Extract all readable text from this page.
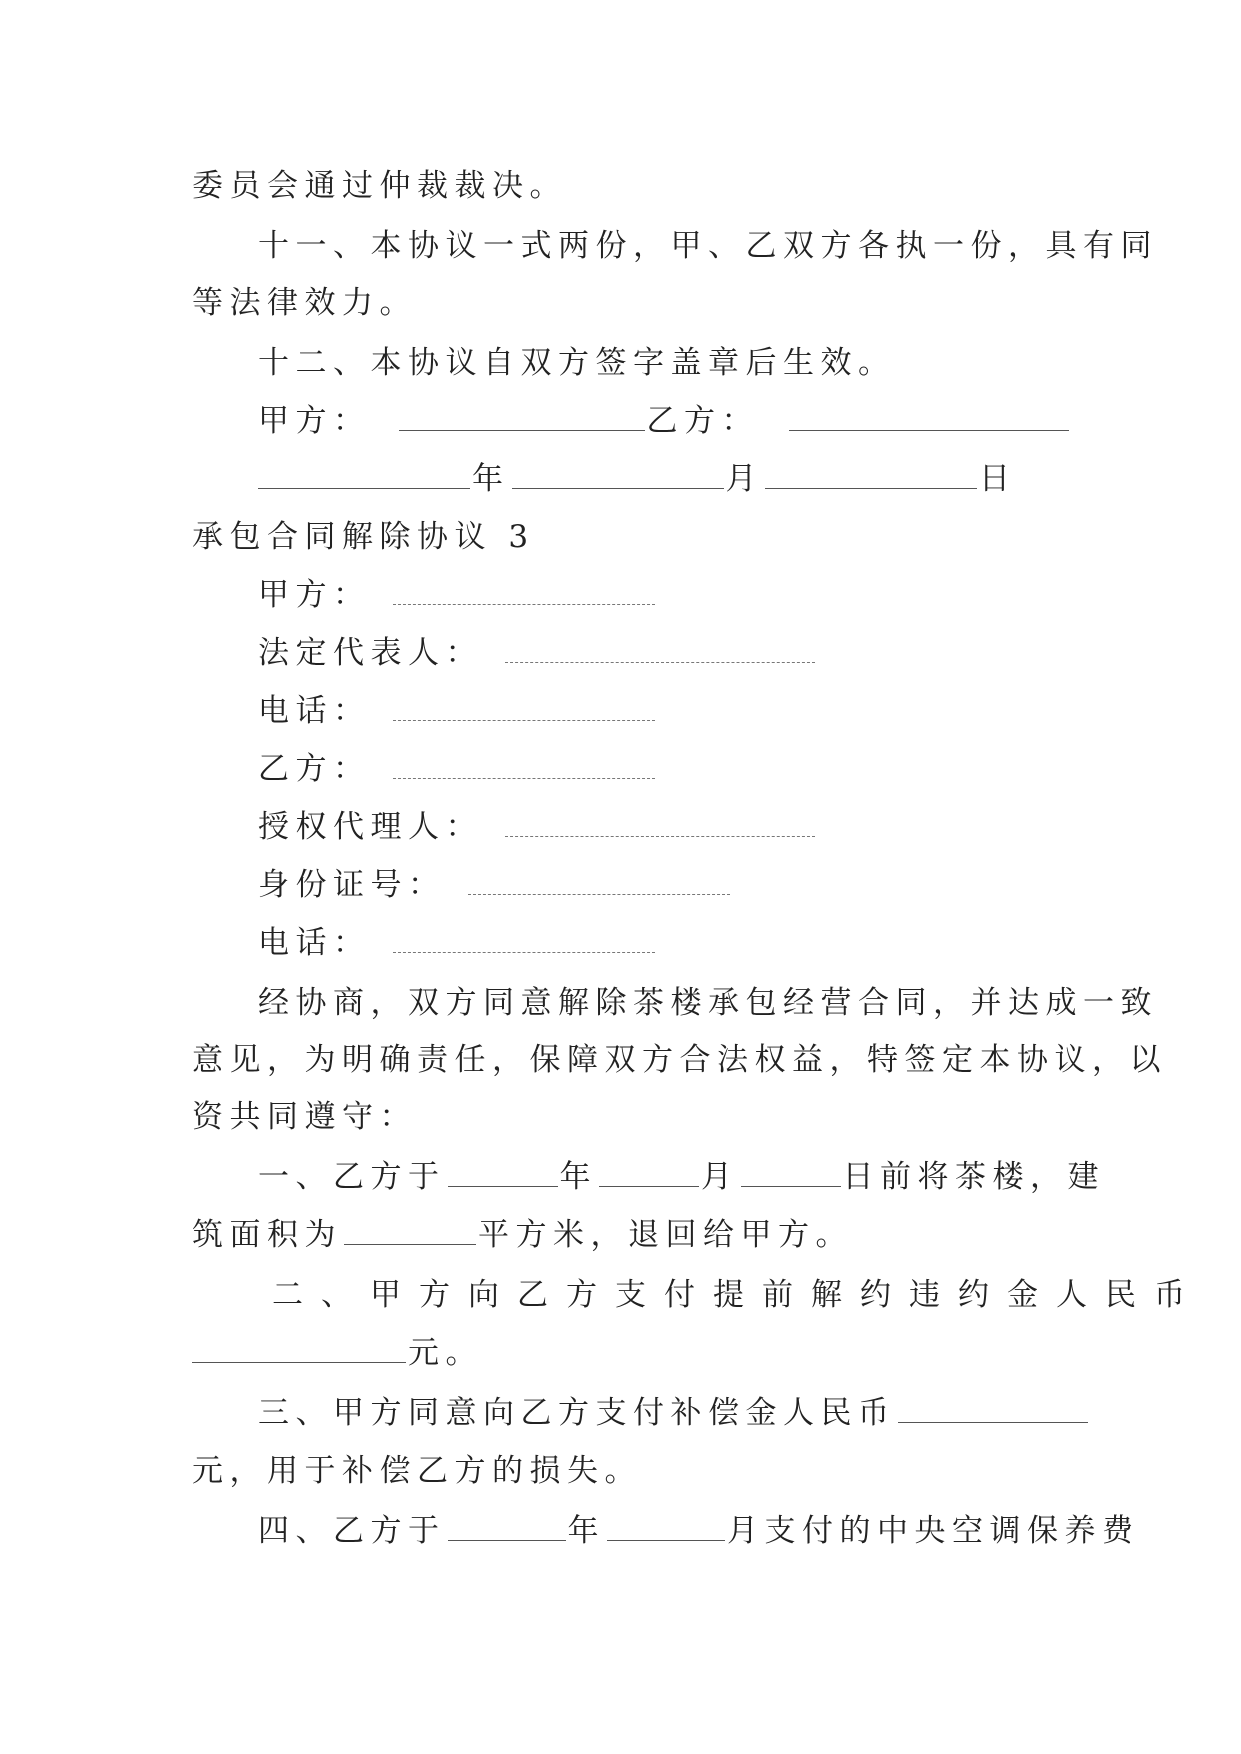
委员会通过仲裁裁决。
十一、本协议一式两份，甲、乙双方各执一份，具有同
等法律效力。
十二、本协议自双方签字盖章后生效。
甲方：	乙方：
年	月	日
承包合同解除协议 3
甲方：
法定代表人：
电话：
乙方：
授权代理人：
身份证号：
电话：
经协商，双方同意解除茶楼承包经营合同，并达成一致
意见，为明确责任，保障双方合法权益，特签定本协议，以
资共同遵守：
一、乙方于	年	月	日前将茶楼，建
筑面积为	平方米，退回给甲方。
二、甲方向乙方支付提前解约违约金人民币
元。
三、甲方同意向乙方支付补偿金人民币
元，用于补偿乙方的损失。
四、乙方于	年	月支付的中央空调保养费
